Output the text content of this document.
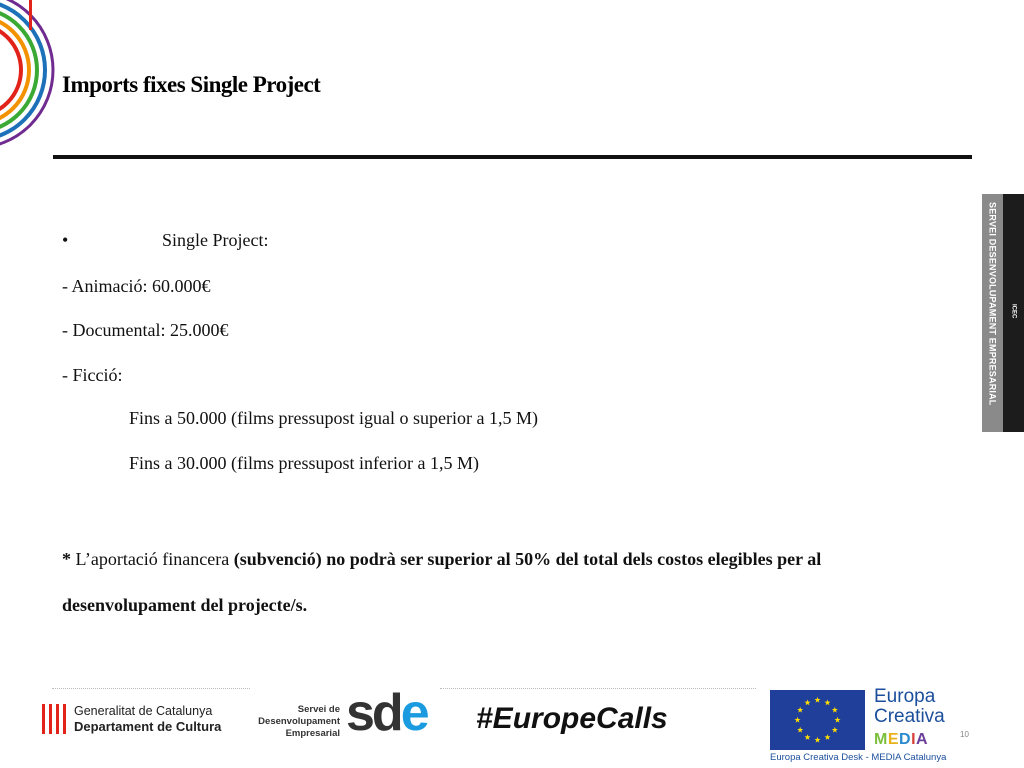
Imports fixes Single Project
SERVEI DESENVOLUPAMENT EMPRESARIAL ICEC
•	Single Project:
- Animació: 60.000€
- Documental: 25.000€
- Ficció:
Fins a 50.000 (films pressupost igual o superior a 1,5 M)
Fins a 30.000 (films pressupost inferior a 1,5 M)
* L’aportació financera (subvenció) no podrà ser superior al 50% del total dels costos elegibles per al desenvolupament del projecte/s.
Generalitat de Catalunya
Departament de Cultura
Servei de
Desenvolupament
Empresarial sde #EuropeCalls
Europa
Creativa
MEDIA
Europa Creativa Desk - MEDIA Catalunya
10
